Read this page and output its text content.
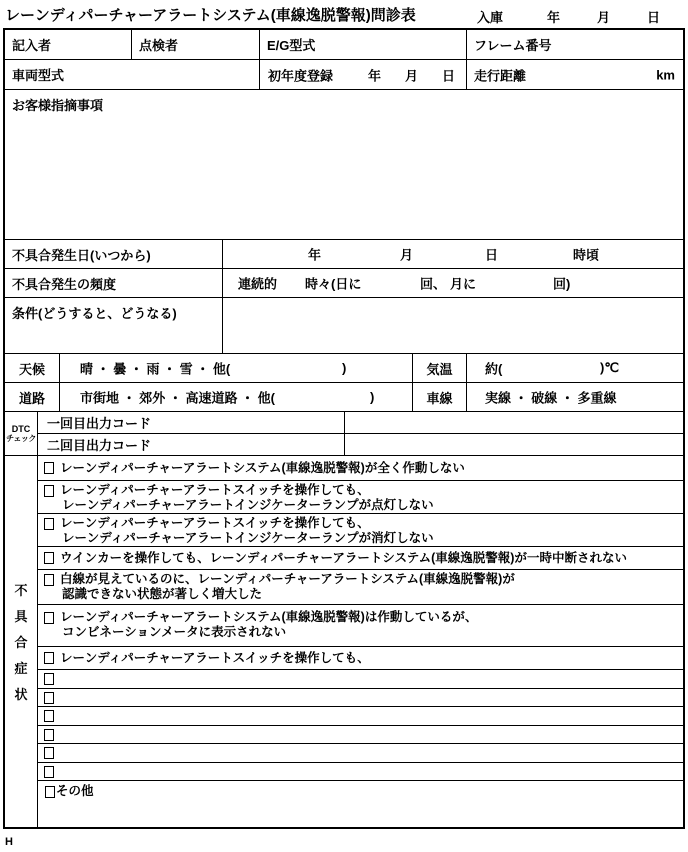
レーンディパーチャーアラートシステム(車線逸脱警報)問診表	入庫	年	月	日
記入者	点検者	E/G型式	フレーム番号
車両型式	初年度登録	年 月 日 走行距離	km
お客様指摘事項
不具合発生日(いつから)	年	月	日	時頃
不具合発生の頻度	連続的 時々(日に	回、 月に	回)
条件(どうすると、どうなる)
天候	晴 ・ 曇 ・ 雨 ・ 雪 ・ 他(	)	気温	約(	)℃
道路	市街地 ・ 郊外 ・ 高速道路 ・ 他(	)	車線	実線 ・ 破線 ・ 多重線
DTC
チェック
一回目出力コード
二回目出力コード
不
具
合
症
状
レーンディパーチャーアラートシステム(車線逸脱警報)が全く作動しない
レーンディパーチャーアラートスイッチを操作しても、
レーンディパーチャーアラートインジケーターランプが点灯しない
レーンディパーチャーアラートスイッチを操作しても、
レーンディパーチャーアラートインジケーターランプが消灯しない
ウインカーを操作しても、レーンディパーチャーアラートシステム(車線逸脱警報)が一時中断されない
白線が見えているのに、レーンディパーチャーアラートシステム(車線逸脱警報)が
認識できない状態が著しく増大した
レーンディパーチャーアラートシステム(車線逸脱警報)は作動しているが、
コンビネーションメータに表示されない
レーンディパーチャーアラートスイッチを操作しても、
その他
H
